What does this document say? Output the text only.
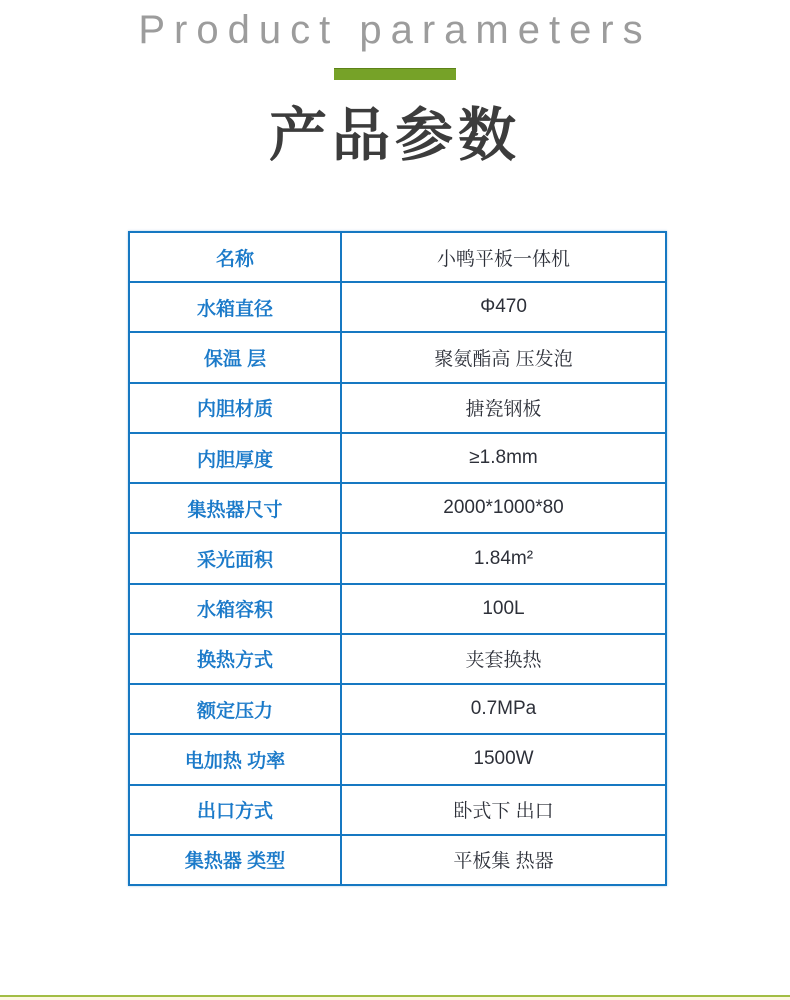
Product parameters
产品参数
名称	小鸭平板一体机
水箱直径	Φ470
保温 层	聚氨酯高 压发泡
内胆材质	搪瓷钢板
内胆厚度	≥1.8mm
集热器尺寸	2000*1000*80
采光面积	1.84m²
水箱容积	100L
换热方式	夹套换热
额定压力	0.7MPa
电加热 功率	1500W
出口方式	卧式下 出口
集热器 类型	平板集 热器
